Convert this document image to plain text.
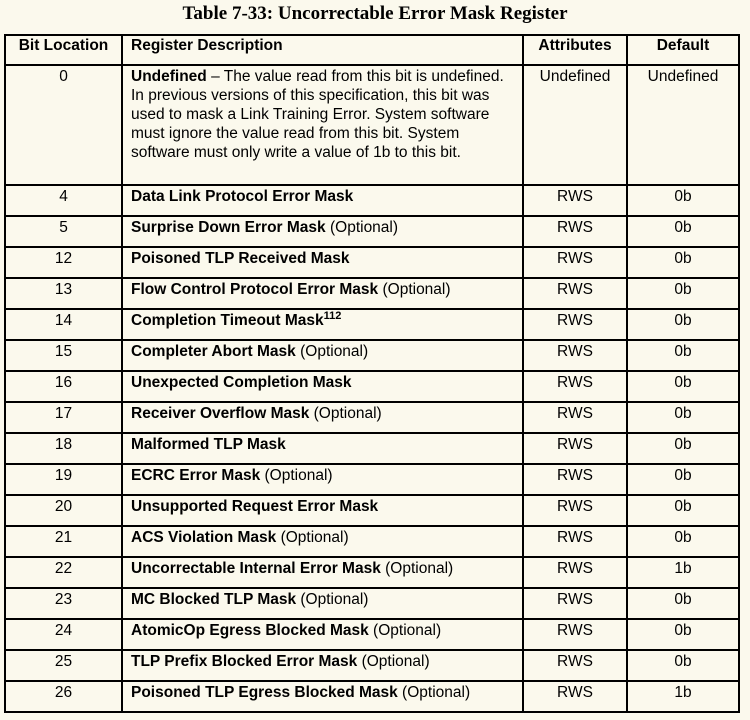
Table 7-33: Uncorrectable Error Mask Register
Bit Location	Register Description	Attributes	Default
0	Undefined – The value read from this bit is undefined. In previous versions of this specification, this bit was used to mask a Link Training Error. System software must ignore the value read from this bit. System software must only write a value of 1b to this bit.	Undefined	Undefined
4	Data Link Protocol Error Mask	RWS	0b
5	Surprise Down Error Mask (Optional)	RWS	0b
12	Poisoned TLP Received Mask	RWS	0b
13	Flow Control Protocol Error Mask (Optional)	RWS	0b
14	Completion Timeout Mask$^{112}$	RWS	0b
15	Completer Abort Mask (Optional)	RWS	0b
16	Unexpected Completion Mask	RWS	0b
17	Receiver Overflow Mask (Optional)	RWS	0b
18	Malformed TLP Mask	RWS	0b
19	ECRC Error Mask (Optional)	RWS	0b
20	Unsupported Request Error Mask	RWS	0b
21	ACS Violation Mask (Optional)	RWS	0b
22	Uncorrectable Internal Error Mask (Optional)	RWS	1b
23	MC Blocked TLP Mask (Optional)	RWS	0b
24	AtomicOp Egress Blocked Mask (Optional)	RWS	0b
25	TLP Prefix Blocked Error Mask (Optional)	RWS	0b
26	Poisoned TLP Egress Blocked Mask (Optional)	RWS	1b
